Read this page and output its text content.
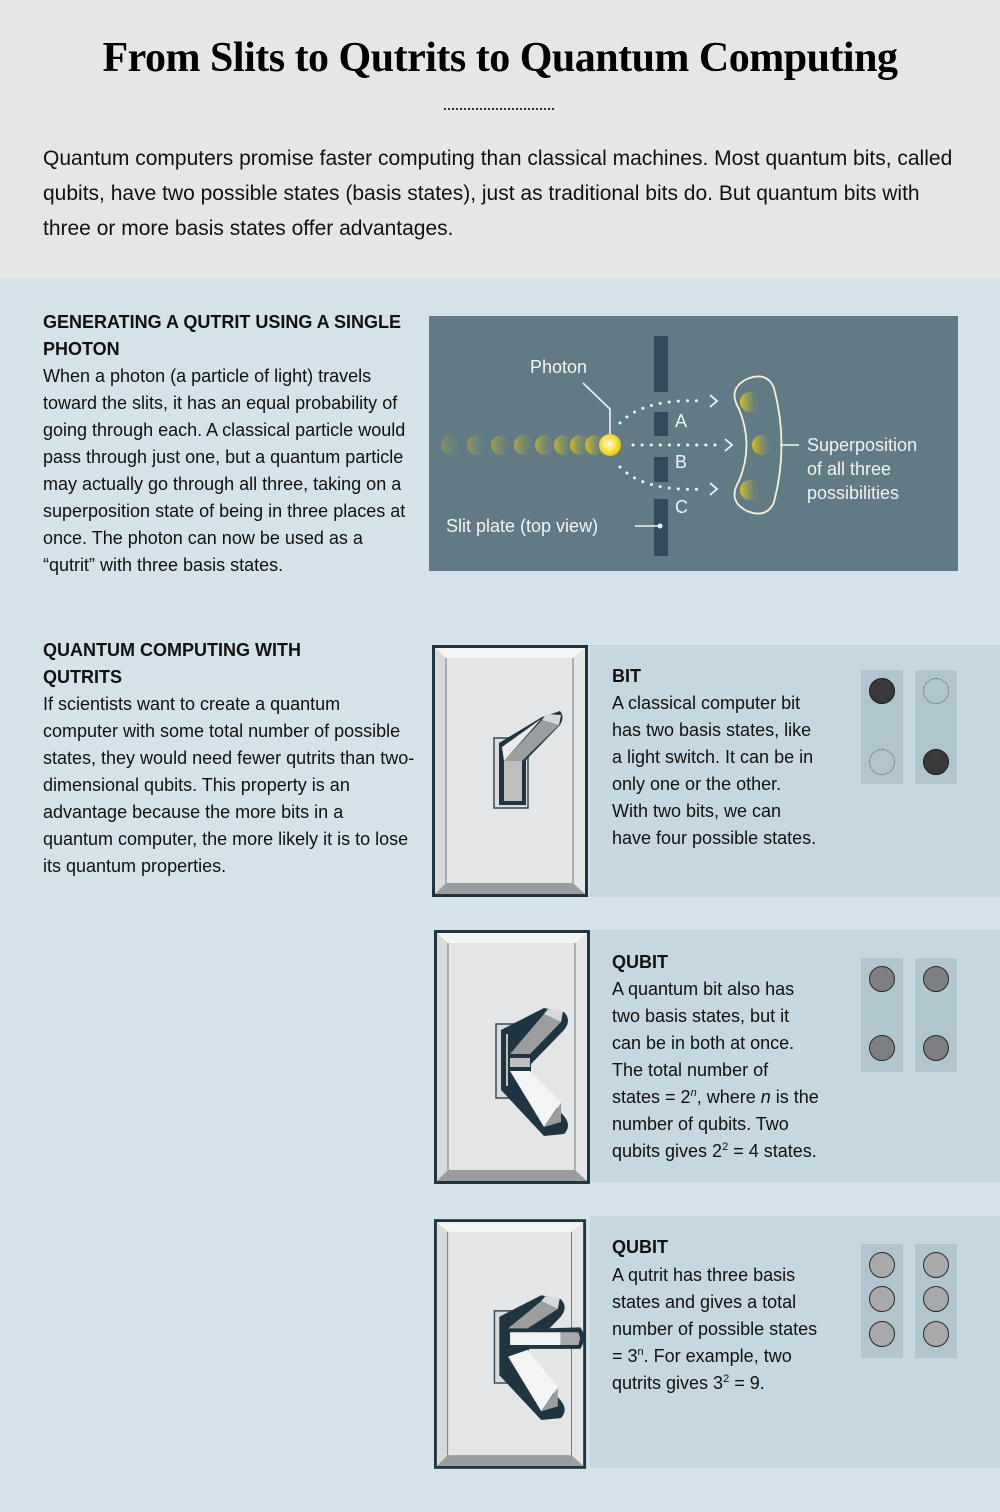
From Slits to Qutrits to Quantum Computing
Quantum computers promise faster computing than classical machines. Most quantum bits, called qubits, have two possible states (basis states), just as traditional bits do. But quantum bits with three or more basis states offer advantages.
GENERATING A QUTRIT USING A SINGLE PHOTON
When a photon (a particle of light) travels toward the slits, it has an equal probability of going through each. A classical particle would pass through just one, but a quantum particle may actually go through all three, taking on a superposition state of being in three places at once. The photon can now be used as a “qutrit” with three basis states.
Photon
A
B
C
Slit plate (top view)
Superposition
of all three
possibilities
QUANTUM COMPUTING WITH QUTRITS
If scientists want to create a quantum computer with some total number of possible states, they would need fewer qutrits than two-dimensional qubits. This property is an advantage because the more bits in a quantum computer, the more likely it is to lose its quantum properties.
BIT
A classical computer bit
has two basis states, like
a light switch. It can be in
only one or the other.
With two bits, we can
have four possible states.
QUBIT
A quantum bit also has
two basis states, but it
can be in both at once.
The total number of
states = $2^n$, where n is the
number of qubits. Two
qubits gives $2^2 = 4$ states.
QUBIT
A qutrit has three basis
states and gives a total
number of possible states
= $3^n$. For example, two
qutrits gives $3^2 = 9$.
